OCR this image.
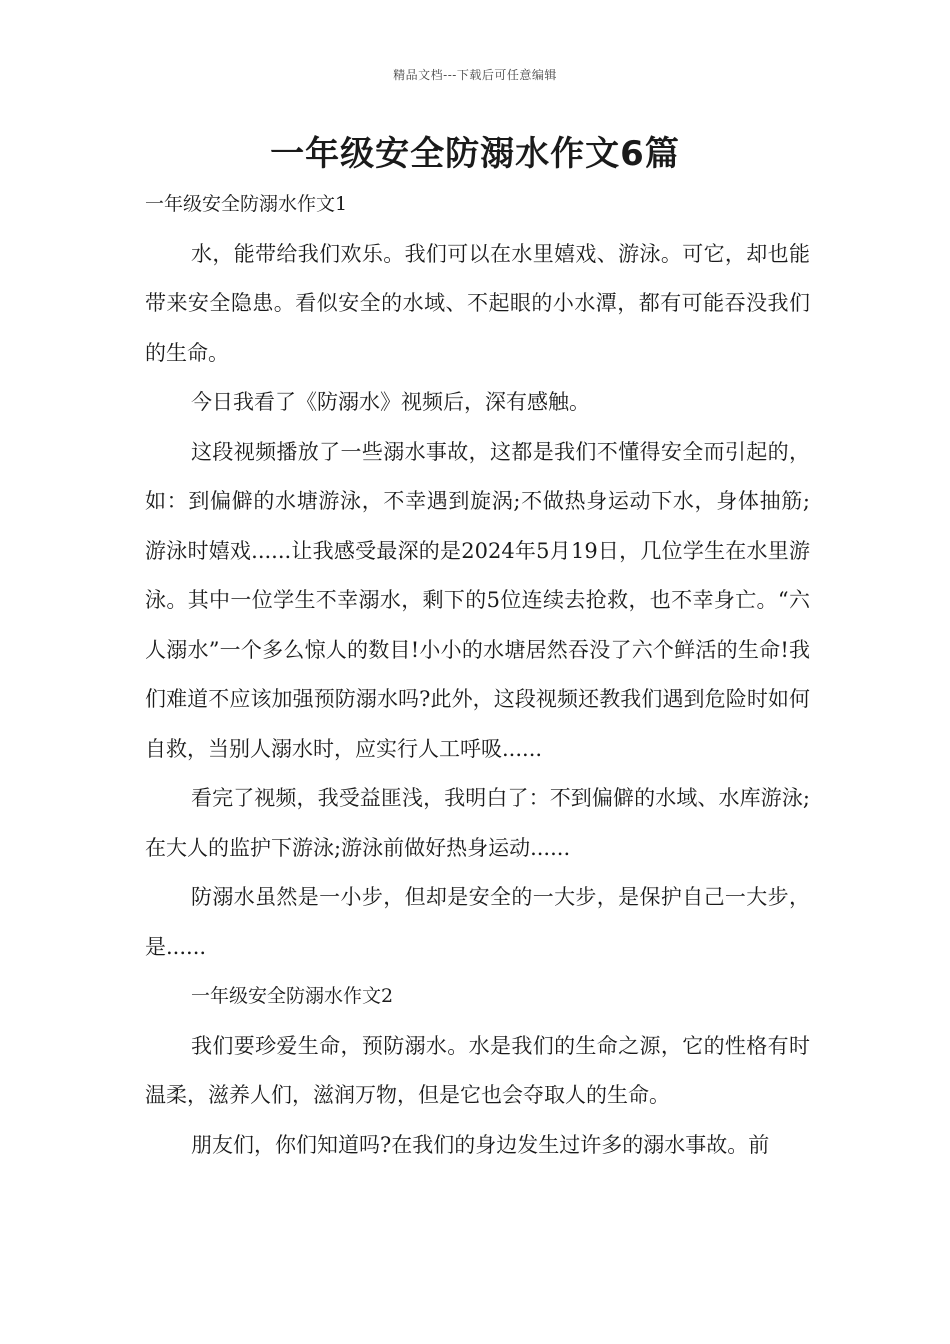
精品文档---下载后可任意编辑
一年级安全防溺水作文6篇

一年级安全防溺水作文1

水，能带给我们欢乐。我们可以在水里嬉戏、游泳。可它，却也能带来安全隐患。看似安全的水域、不起眼的小水潭，都有可能吞没我们的生命。

今日我看了《防溺水》视频后，深有感触。

这段视频播放了一些溺水事故，这都是我们不懂得安全而引起的，如：到偏僻的水塘游泳，不幸遇到旋涡;不做热身运动下水，身体抽筋;游泳时嬉戏......让我感受最深的是2024年5月19日，几位学生在水里游泳。其中一位学生不幸溺水，剩下的5位连续去抢救，也不幸身亡。“六人溺水”一个多么惊人的数目!小小的水塘居然吞没了六个鲜活的生命!我们难道不应该加强预防溺水吗?此外，这段视频还教我们遇到危险时如何自救，当别人溺水时，应实行人工呼吸......

看完了视频，我受益匪浅，我明白了：不到偏僻的水域、水库游泳;在大人的监护下游泳;游泳前做好热身运动......

防溺水虽然是一小步，但却是安全的一大步，是保护自己一大步，是......

一年级安全防溺水作文2

我们要珍爱生命，预防溺水。水是我们的生命之源，它的性格有时温柔，滋养人们，滋润万物，但是它也会夺取人的生命。

朋友们，你们知道吗?在我们的身边发生过许多的溺水事故。前
